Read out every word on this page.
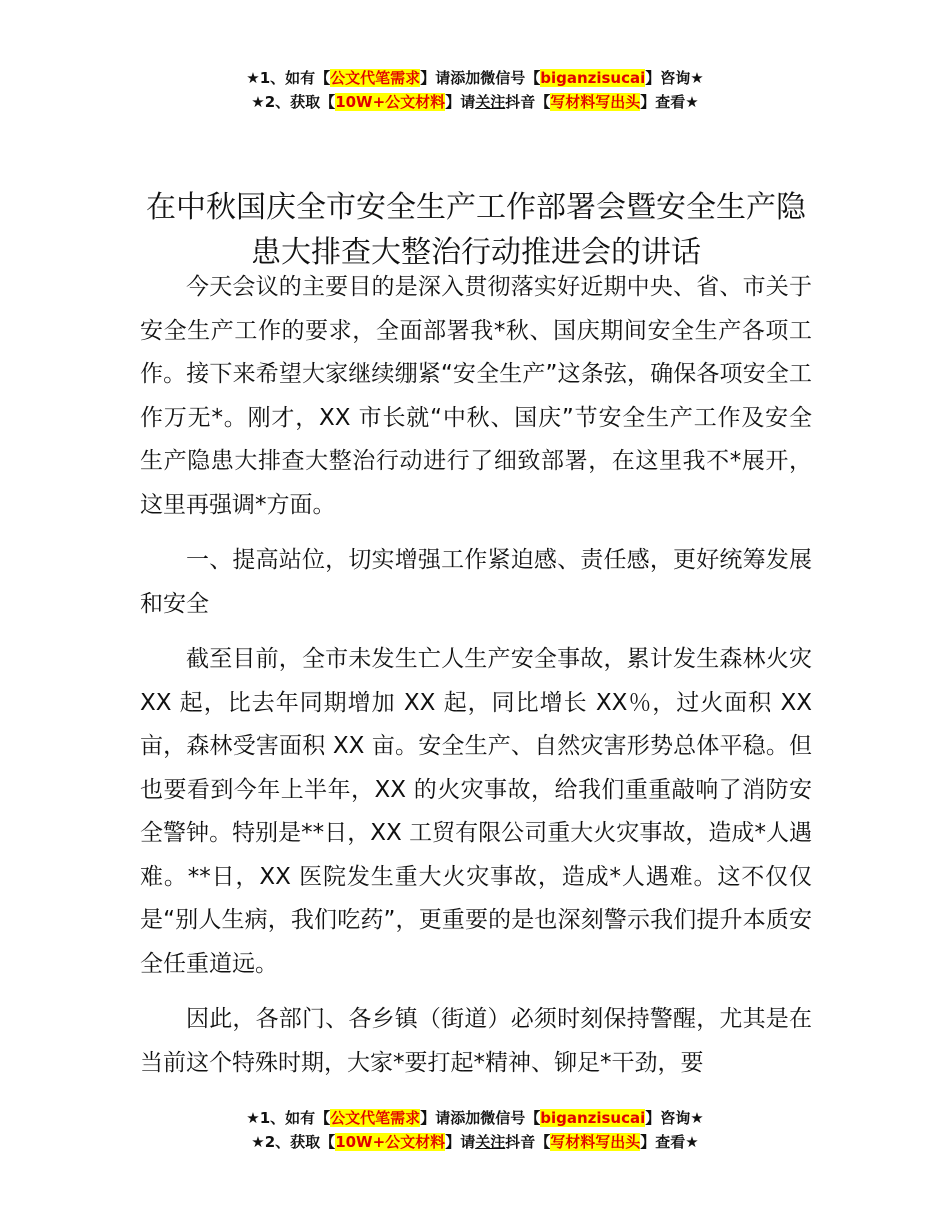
★1、如有【公文代笔需求】请添加微信号【biganzisucai】咨询★
★2、获取【10W+公文材料】请关注抖音【写材料写出头】查看★
在中秋国庆全市安全生产工作部署会暨安全生产隐患大排查大整治行动推进会的讲话

今天会议的主要目的是深入贯彻落实好近期中央、省、市关于安全生产工作的要求，全面部署我*秋、国庆期间安全生产各项工作。接下来希望大家继续绷紧“安全生产”这条弦，确保各项安全工作万无*。刚才，XX 市长就“中秋、国庆”节安全生产工作及安全生产隐患大排查大整治行动进行了细致部署，在这里我不*展开，这里再强调*方面。

一、提高站位，切实增强工作紧迫感、责任感，更好统筹发展和安全

截至目前，全市未发生亡人生产安全事故，累计发生森林火灾 XX 起，比去年同期增加 XX 起，同比增长 XX％，过火面积 XX 亩，森林受害面积 XX 亩。安全生产、自然灾害形势总体平稳。但也要看到今年上半年，XX 的火灾事故，给我们重重敲响了消防安全警钟。特别是**日，XX 工贸有限公司重大火灾事故，造成*人遇难。**日，XX 医院发生重大火灾事故，造成*人遇难。这不仅仅是“别人生病，我们吃药”，更重要的是也深刻警示我们提升本质安全任重道远。

因此，各部门、各乡镇（街道）必须时刻保持警醒，尤其是在当前这个特殊时期，大家*要打起*精神、铆足*干劲，要

★1、如有【公文代笔需求】请添加微信号【biganzisucai】咨询★
★2、获取【10W+公文材料】请关注抖音【写材料写出头】查看★
